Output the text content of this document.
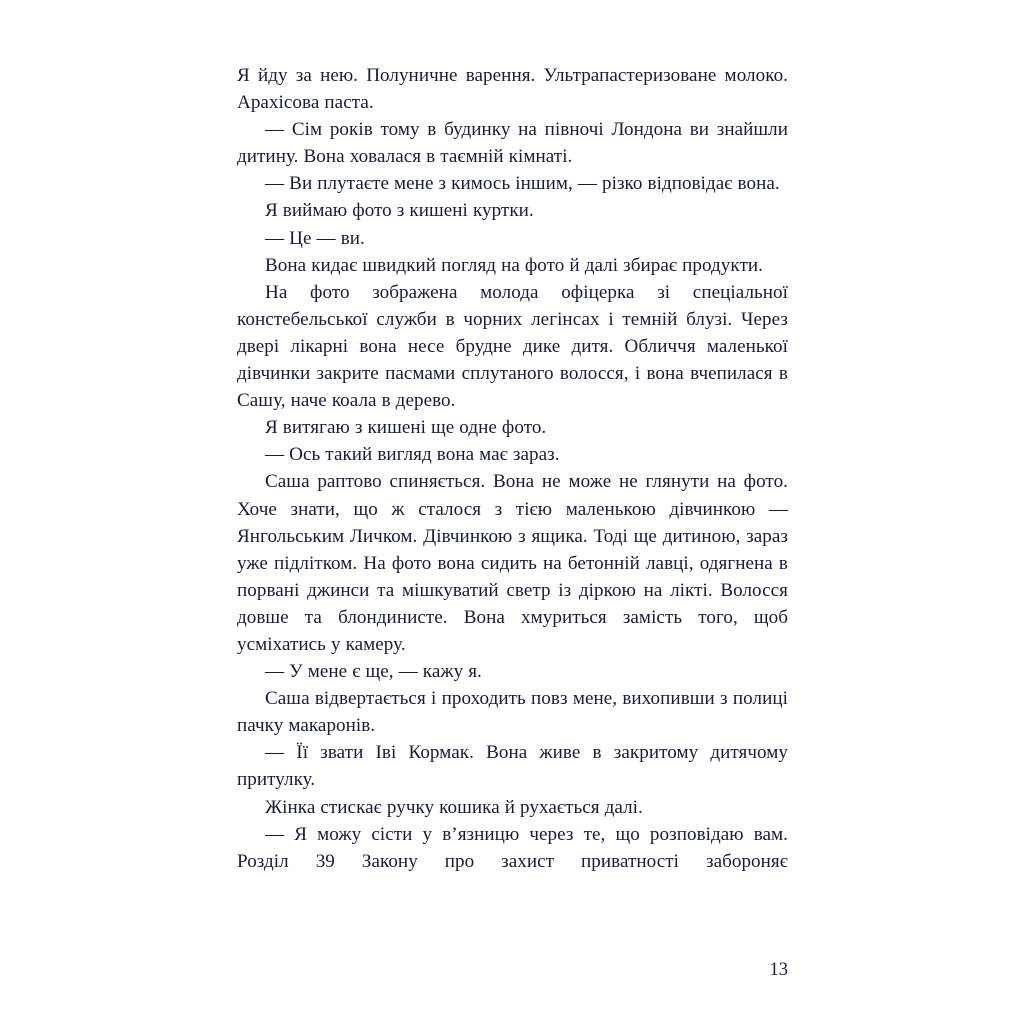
Я йду за нею. Полуничне варення. Ультрапастеризоване молоко. Арахісова паста.

— Сім років тому в будинку на півночі Лондона ви знайшли дитину. Вона ховалася в таємній кімнаті.

— Ви плутаєте мене з кимось іншим, — різко відповідає вона.

Я виймаю фото з кишені куртки.

— Це — ви.

Вона кидає швидкий погляд на фото й далі збирає продукти.

На фото зображена молода офіцерка зі спеціальної констебельської служби в чорних легінсах і темній блузі. Через двері лікарні вона несе брудне дике дитя. Обличчя маленької дівчинки закрите пасмами сплутаного волосся, і вона вчепилася в Сашу, наче коала в дерево.

Я витягаю з кишені ще одне фото.

— Ось такий вигляд вона має зараз.

Саша раптово спиняється. Вона не може не глянути на фото. Хоче знати, що ж сталося з тією маленькою дівчинкою — Янгольським Личком. Дівчинкою з ящика. Тоді ще дитиною, зараз уже підлітком. На фото вона сидить на бетонній лавці, одягнена в порвані джинси та мішкуватий светр із діркою на лікті. Волосся довше та блондинисте. Вона хмуриться замість того, щоб усміхатись у камеру.

— У мене є ще, — кажу я.

Саша відвертається і проходить повз мене, вихопивши з полиці пачку макаронів.

— Її звати Іві Кормак. Вона живе в закритому дитячому притулку.

Жінка стискає ручку кошика й рухається далі.

— Я можу сісти у в’язницю через те, що розповідаю вам. Розділ 39 Закону про захист приватності забороняє

13
